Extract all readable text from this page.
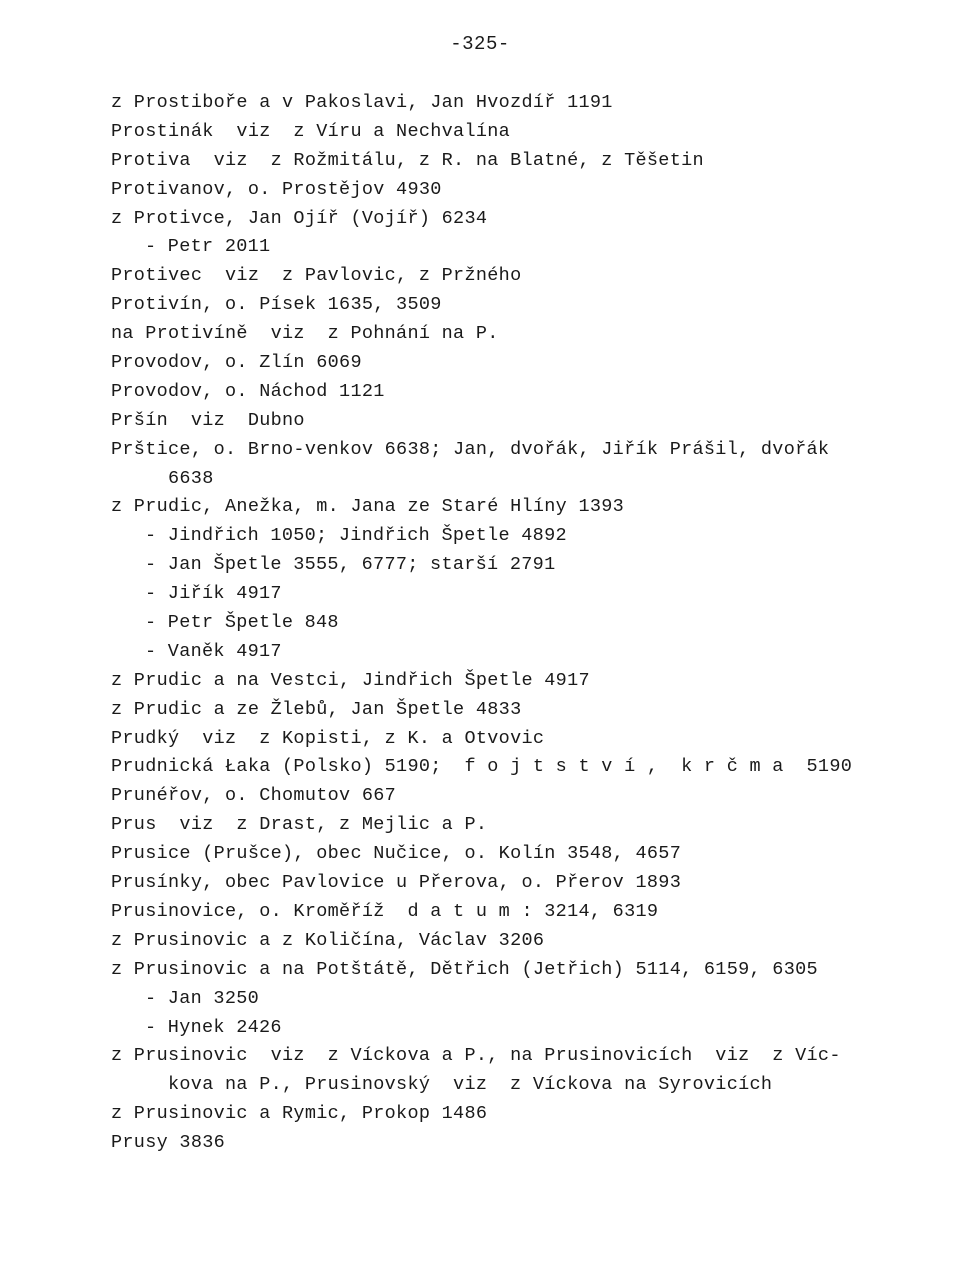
-325-
z Prostiboře a v Pakoslavi, Jan Hvozdíř 1191
Prostinák  viz  z Víru a Nechvalína
Protiva  viz  z Rožmitálu, z R. na Blatné, z Těšetin
Protivanov, o. Prostějov 4930
z Protivce, Jan Ojíř (Vojíř) 6234
- Petr 2011
Protivec  viz  z Pavlovic, z Pržného
Protivín, o. Písek 1635, 3509
na Protivíně  viz  z Pohnání na P.
Provodov, o. Zlín 6069
Provodov, o. Náchod 1121
Pršín  viz  Dubno
Prštice, o. Brno-venkov 6638; Jan, dvořák, Jiřík Prášil, dvořák
6638
z Prudic, Anežka, m. Jana ze Staré Hlíny 1393
- Jindřich 1050; Jindřich Špetle 4892
- Jan Špetle 3555, 6777; starší 2791
- Jiřík 4917
- Petr Špetle 848
- Vaněk 4917
z Prudic a na Vestci, Jindřich Špetle 4917
z Prudic a ze Žlebů, Jan Špetle 4833
Prudký  viz  z Kopisti, z K. a Otvovic
Prudnická Łaka (Polsko) 5190;  f o j t s t v í ,  k r č m a  5190
Prunéřov, o. Chomutov 667
Prus  viz  z Drast, z Mejlic a P.
Prusice (Prušce), obec Nučice, o. Kolín 3548, 4657
Prusínky, obec Pavlovice u Přerova, o. Přerov 1893
Prusinovice, o. Kroměříž  d a t u m : 3214, 6319
z Prusinovic a z Količína, Václav 3206
z Prusinovic a na Potštátě, Dětřich (Jetřich) 5114, 6159, 6305
- Jan 3250
- Hynek 2426
z Prusinovic  viz  z Víckova a P., na Prusinovicích  viz  z Víc-
kova na P., Prusinovský  viz  z Víckova na Syrovicích
z Prusinovic a Rymic, Prokop 1486
Prusy 3836
